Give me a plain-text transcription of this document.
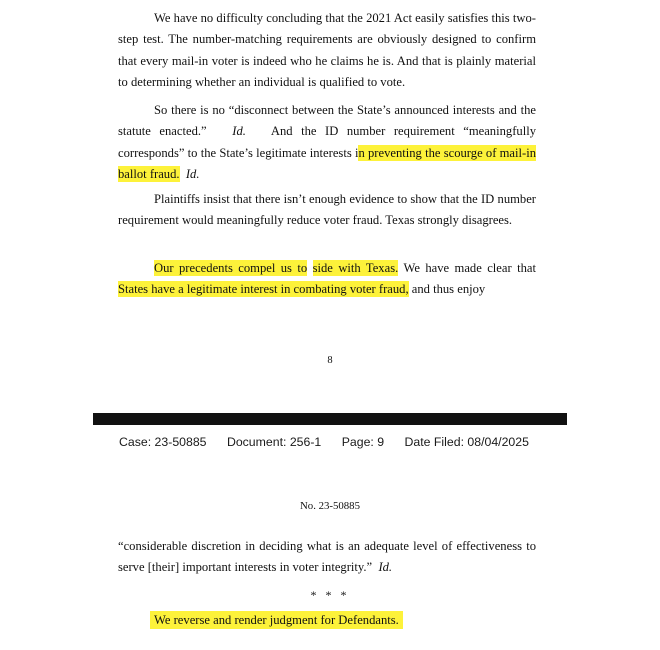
We have no difficulty concluding that the 2021 Act easily satisfies this two-step test. The number-matching requirements are obviously designed to confirm that every mail-in voter is indeed who he claims he is. And that is plainly material to determining whether an individual is qualified to vote.

So there is no “disconnect between the State’s announced interests and the statute enacted.” Id. And the ID number requirement “meaningfully corresponds” to the State’s legitimate interests in preventing the scourge of mail-in ballot fraud. Id.

Plaintiffs insist that there isn’t enough evidence to show that the ID number requirement would meaningfully reduce voter fraud. Texas strongly disagrees.

Our precedents compel us to side with Texas. We have made clear that States have a legitimate interest in combating voter fraud, and thus enjoy

8
Case: 23-50885 Document: 256-1 Page: 9 Date Filed: 08/04/2025
No. 23-50885

“considerable discretion in deciding what is an adequate level of effectiveness to serve [their] important interests in voter integrity.” Id.

* * *
We reverse and render judgment for Defendants.
